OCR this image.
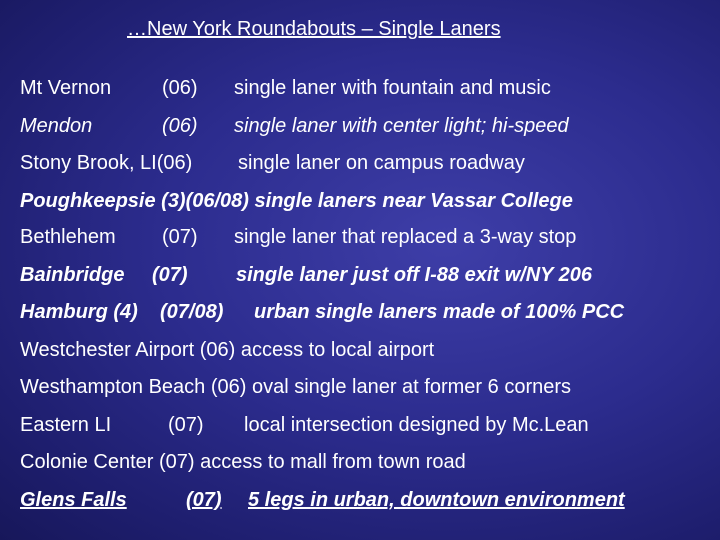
…New York Roundabouts – Single Laners
Mt Vernon	(06) single laner with fountain and music
Mendon	(06) single laner with center light; hi-speed
Stony Brook, LI(06) single laner on campus roadway
Poughkeepsie (3)(06/08) single laners near Vassar College
Bethlehem (07) single laner that replaced a 3-way stop
Bainbridge (07) single laner just off I-88 exit w/NY 206
Hamburg (4) (07/08) urban single laners made of 100% PCC
Westchester Airport (06) access to local airport
Westhampton Beach (06) oval single laner at former 6 corners
Eastern LI	(07) local intersection designed by Mc.Lean
Colonie Center (07) access to mall from town road
Glens Falls	(07) 5 legs in urban, downtown environment
